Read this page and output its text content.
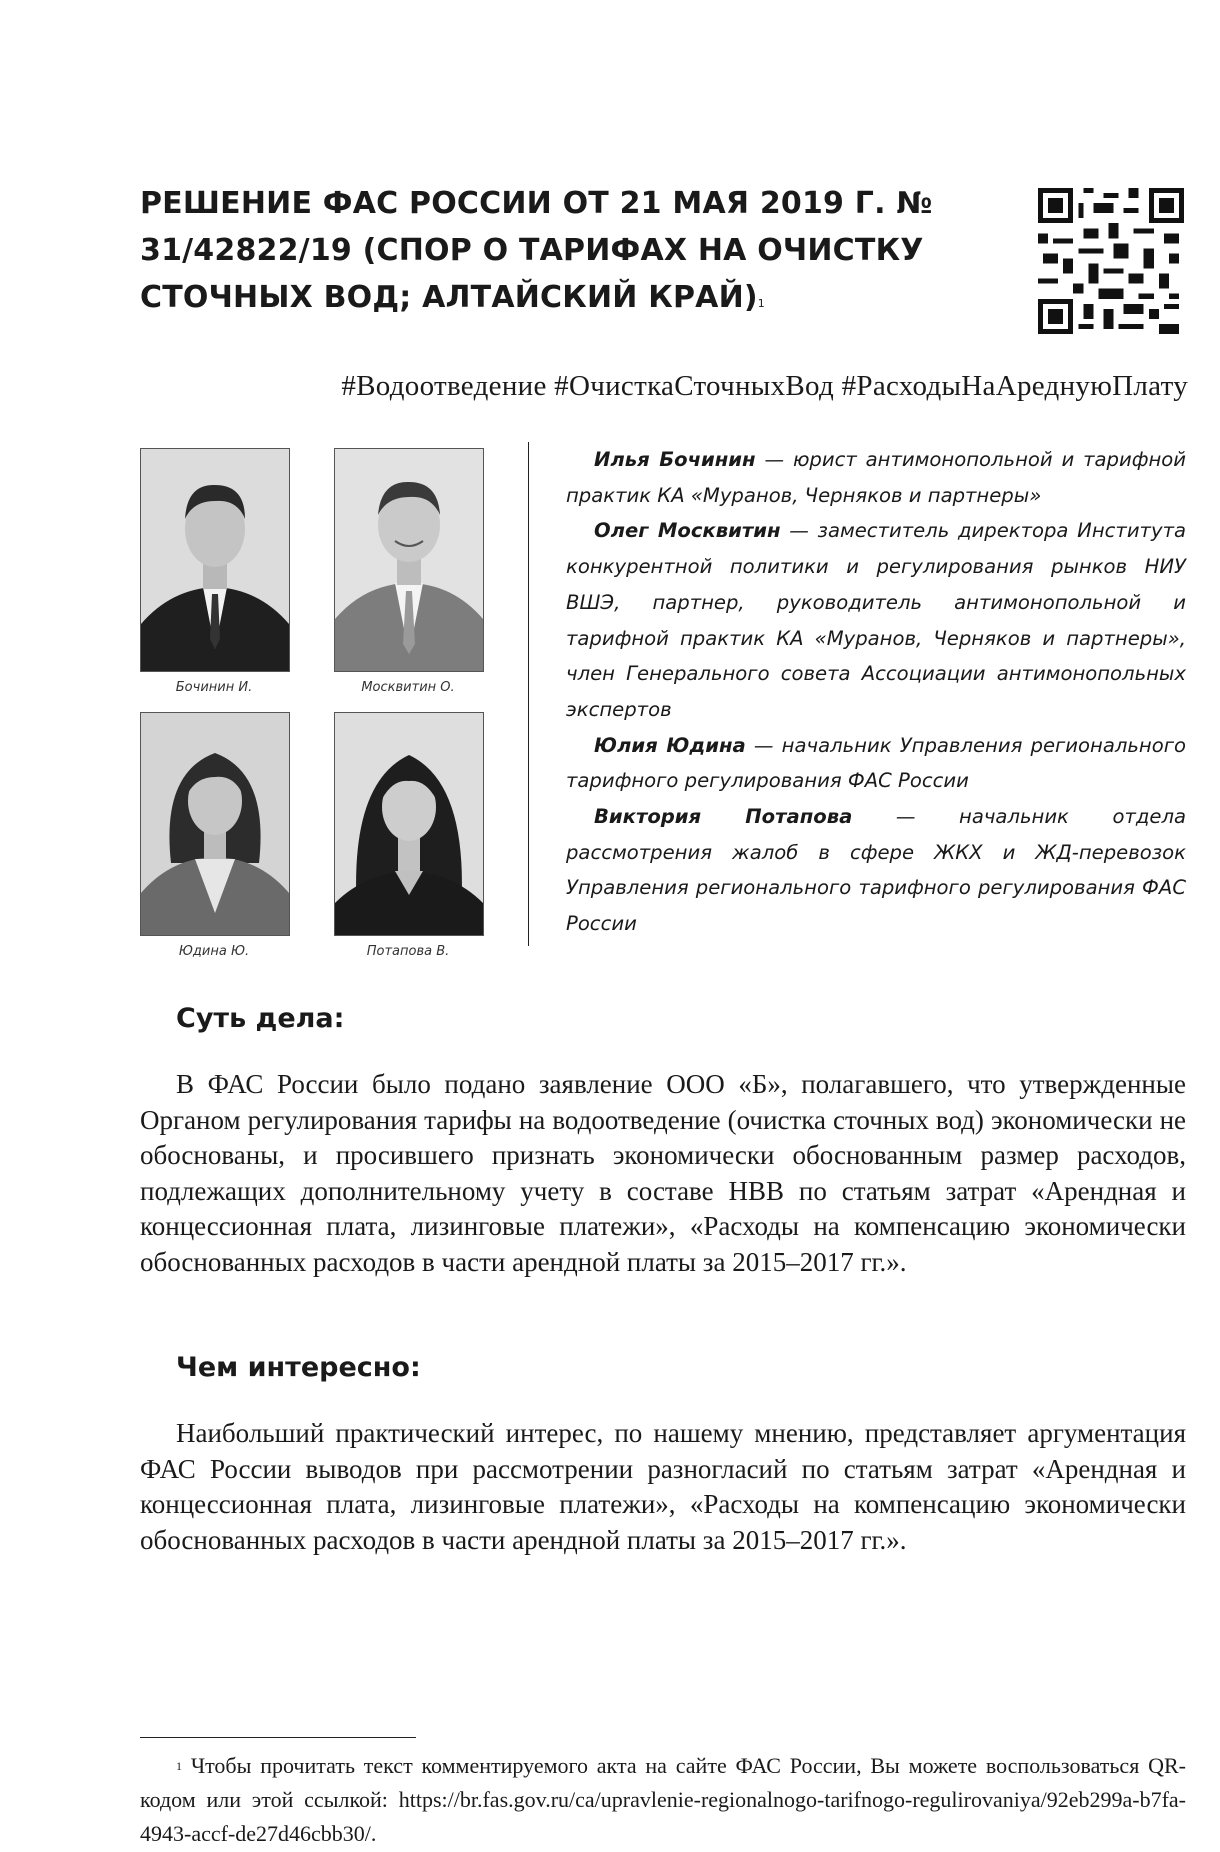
РЕШЕНИЕ ФАС РОССИИ ОТ 21 МАЯ 2019 Г. № 31/42822/19 (СПОР О ТАРИФАХ НА ОЧИСТКУ СТОЧНЫХ ВОД; АЛТАЙСКИЙ КРАЙ)$^1$
#Водоотведение #ОчисткаСточныхВод #РасходыНаАреднуюПлату
Бочинин И.	Москвитин О.
Юдина Ю.	Потапова В.

Илья Бочинин — юрист антимонопольной и тарифной практик КА «Муранов, Черняков и партнеры»

Олег Москвитин — заместитель директора Института конкурентной политики и регулирования рынков НИУ ВШЭ, партнер, руководитель антимонопольной и тарифной практик КА «Муранов, Черняков и партнеры», член Генерального совета Ассоциации антимонопольных экспертов

Юлия Юдина — начальник Управления регионального тарифного регулирования ФАС России

Виктория Потапова — начальник отдела рассмотрения жалоб в сфере ЖКХ и ЖД-перевозок Управления регионального тарифного регулирования ФАС России

Суть дела:

В ФАС России было подано заявление ООО «Б», полагавшего, что утвержденные Органом регулирования тарифы на водоотведение (очистка сточных вод) экономически не обоснованы, и просившего признать экономически обоснованным размер расходов, подлежащих дополнительному учету в составе НВВ по статьям затрат «Арендная и концессионная плата, лизинговые платежи», «Расходы на компенсацию экономически обоснованных расходов в части арендной платы за 2015–2017 гг.».

Чем интересно:

Наибольший практический интерес, по нашему мнению, представляет аргументация ФАС России выводов при рассмотрении разногласий по статьям затрат «Арендная и концессионная плата, лизинговые платежи», «Расходы на компенсацию экономически обоснованных расходов в части арендной платы за 2015–2017 гг.».

$^1$ Чтобы прочитать текст комментируемого акта на сайте ФАС России, Вы можете воспользоваться QR-кодом или этой ссылкой: https://br.fas.gov.ru/ca/upravlenie-regionalnogo-tarifnogo-regulirovaniya/92eb299a-b7fa-4943-accf-de27d46cbb30/.
